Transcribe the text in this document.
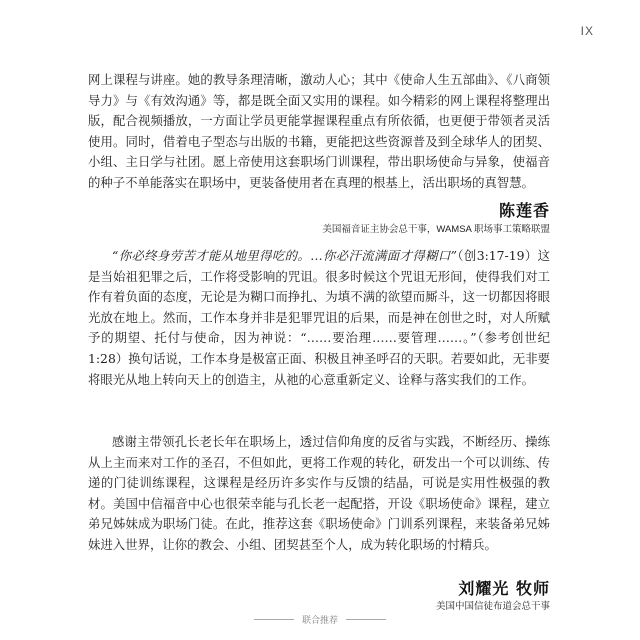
IX

网上课程与讲座。她的教导条理清晰，激动人心；其中《使命人生五部曲》、《八商领导力》与《有效沟通》等，都是既全面又实用的课程。如今精彩的网上课程将整理出版，配合视频播放，一方面让学员更能掌握课程重点有所依循，也更便于带领者灵活使用。同时，借着电子型态与出版的书籍，更能把这些资源普及到全球华人的团契、小组、主日学与社团。愿上帝使用这套职场门训课程，带出职场使命与异象，使福音的种子不单能落实在职场中，更装备使用者在真理的根基上，活出职场的真智慧。

陈莲香
美国福音证主协会总干事，WAMSA 职场事工策略联盟

“你必终身劳苦才能从地里得吃的。…你必汗流满面才得糊口”（创3:17-19）这是当始祖犯罪之后，工作将受影响的咒诅。很多时候这个咒诅无形间，使得我们对工作有着负面的态度，无论是为糊口而挣扎、为填不满的欲望而厮斗，这一切都因将眼光放在地上。然而，工作本身并非是犯罪咒诅的后果，而是神在创世之时，对人所赋予的期望、托付与使命，因为神说：“……要治理……要管理……。”（参考创世纪1:28）换句话说，工作本身是极富正面、积极且神圣呼召的天职。若要如此，无非要将眼光从地上转向天上的创造主，从祂的心意重新定义、诠释与落实我们的工作。

感谢主带领孔长老长年在职场上，透过信仰角度的反省与实践，不断经历、操练从上主而来对工作的圣召，不但如此，更将工作观的转化，研发出一个可以训练、传递的门徒训练课程，这课程是经历许多实作与反馈的结晶，可说是实用性极强的教材。美国中信福音中心也很荣幸能与孔长老一起配搭，开设《职场使命》课程，建立弟兄姊妹成为职场门徒。在此，推荐这套《职场使命》门训系列课程，来装备弟兄姊妹进入世界，让你的教会、小组、团契甚至个人，成为转化职场的忖精兵。

刘耀光 牧师
美国中国信徒布道会总干事
联合推荐
